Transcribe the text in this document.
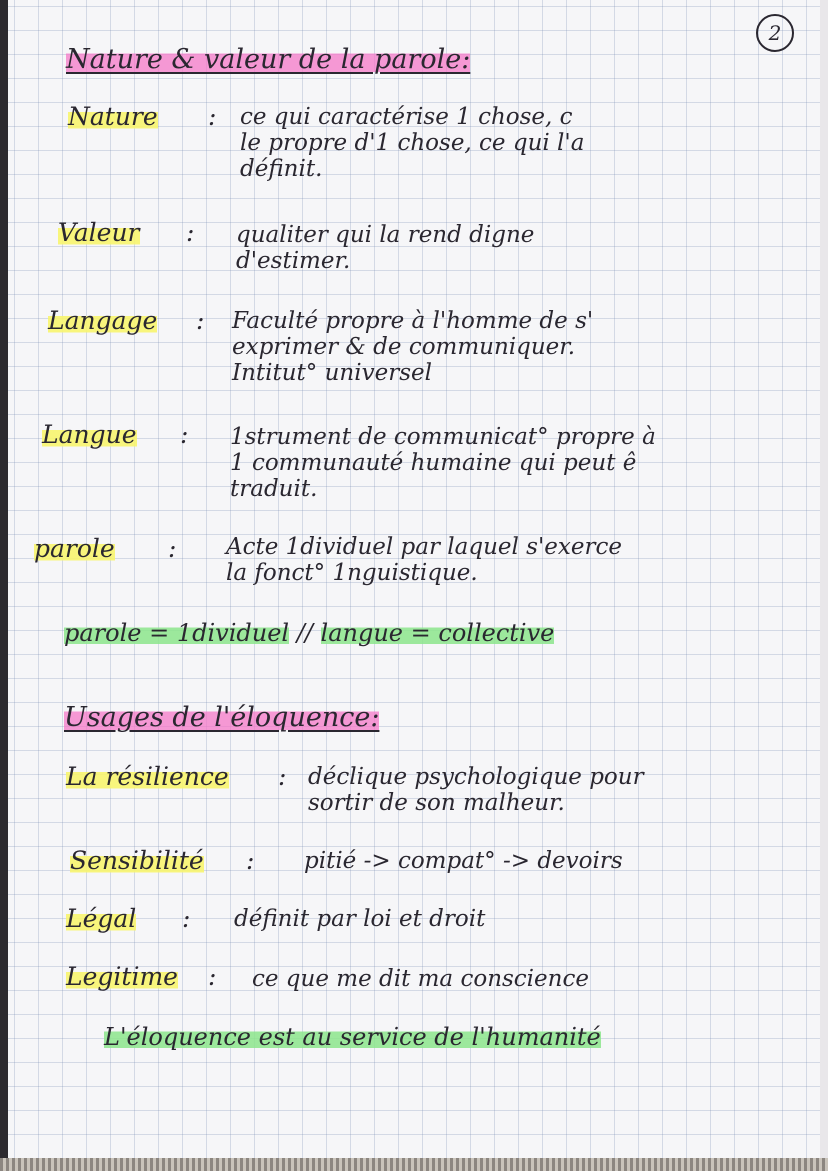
2
Nature & valeur de la parole:
Nature : ce qui caractérise 1 chose, c
le propre d'1 chose, ce qui l'a
définit.
Valeur : qualiter qui la rend digne
d'estimer.
Langage : Faculté propre à l'homme de s'
exprimer & de communiquer.
Intitut° universel
Langue : 1strument de communicat° propre à
1 communauté humaine qui peut ê
traduit.
parole : Acte 1dividuel par laquel s'exerce
la fonct° 1nguistique.
parole = 1dividuel // langue = collective
Usages de l'éloquence:
La résilience : déclique psychologique pour
sortir de son malheur.
Sensibilité : pitié -> compat° -> devoirs
Légal : définit par loi et droit
Legitime : ce que me dit ma conscience
L'éloquence est au service de l'humanité
